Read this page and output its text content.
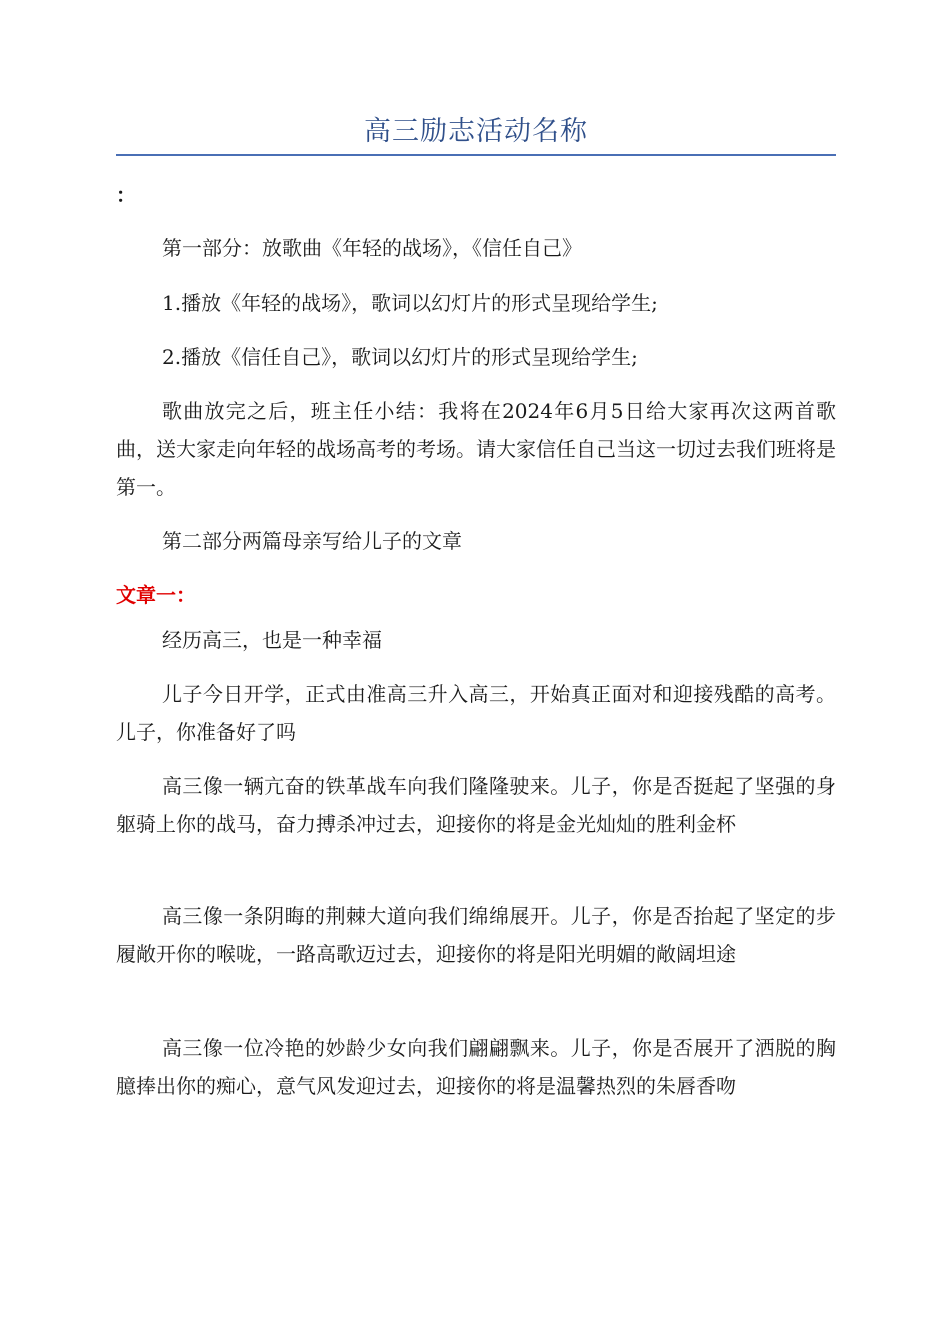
高三励志活动名称
：

第一部分：放歌曲《年轻的战场》，《信任自己》

1.播放《年轻的战场》，歌词以幻灯片的形式呈现给学生;

2.播放《信任自己》，歌词以幻灯片的形式呈现给学生;

歌曲放完之后，班主任小结：我将在2024年6月5日给大家再次这两首歌曲，送大家走向年轻的战场高考的考场。请大家信任自己当这一切过去我们班将是第一。

第二部分两篇母亲写给儿子的文章

文章一：

经历高三，也是一种幸福

儿子今日开学，正式由准高三升入高三，开始真正面对和迎接残酷的高考。儿子，你准备好了吗

高三像一辆亢奋的铁革战车向我们隆隆驶来。儿子，你是否挺起了坚强的身躯骑上你的战马，奋力搏杀冲过去，迎接你的将是金光灿灿的胜利金杯

高三像一条阴晦的荆棘大道向我们绵绵展开。儿子，你是否抬起了坚定的步履敞开你的喉咙，一路高歌迈过去，迎接你的将是阳光明媚的敞阔坦途

高三像一位冷艳的妙龄少女向我们翩翩飘来。儿子，你是否展开了洒脱的胸臆捧出你的痴心，意气风发迎过去，迎接你的将是温馨热烈的朱唇香吻
